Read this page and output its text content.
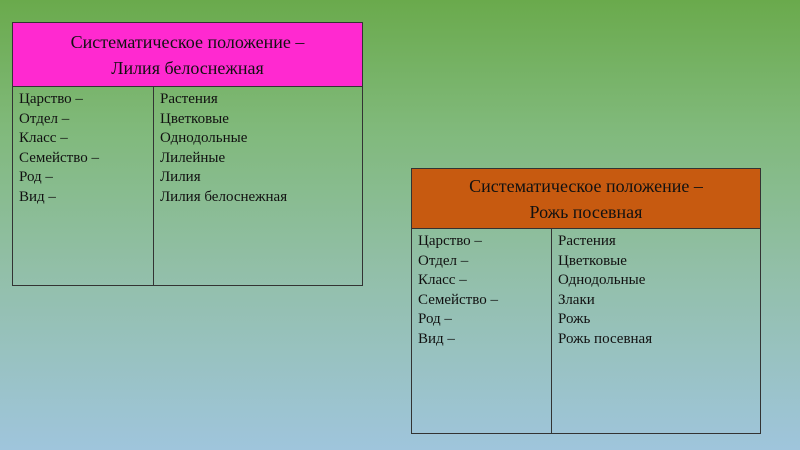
Систематическое положение –
Лилия белоснежная
Царство –
Отдел –
Класс –
Семейство –
Род –
Вид –
Растения
Цветковые
Однодольные
Лилейные
Лилия
Лилия белоснежная
Систематическое положение –
Рожь посевная
Царство –
Отдел –
Класс –
Семейство –
Род –
Вид –
Растения
Цветковые
Однодольные
Злаки
Рожь
Рожь посевная
